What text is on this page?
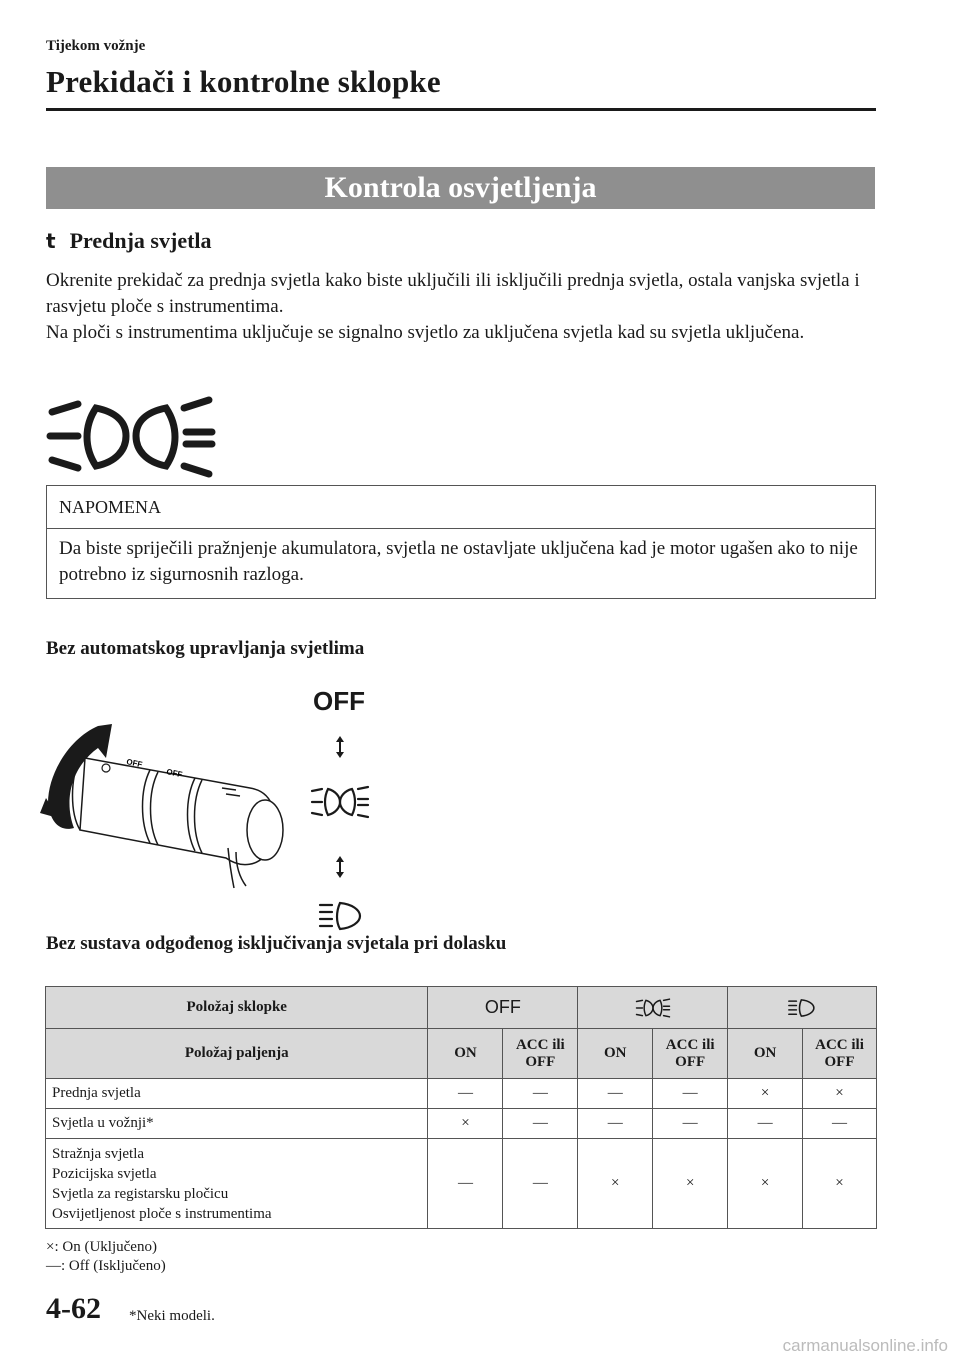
Tijekom vožnje
Prekidači i kontrolne sklopke
Kontrola osvjetljenja
t Prednja svjetla

Okrenite prekidač za prednja svjetla kako biste uključili ili isključili prednja svjetla, ostala vanjska svjetla i rasvjetu ploče s instrumentima.

Na ploči s instrumentima uključuje se signalno svjetlo za uključena svjetla kad su svjetla uključena.

NAPOMENA
Da biste spriječili pražnjenje akumulatora, svjetla ne ostavljate uključena kad je motor ugašen ako to nije potrebno iz sigurnosnih razloga.
Bez automatskog upravljanja svjetlima
OFF
OFF
OFF
Bez sustava odgođenog isključivanja svjetala pri dolasku
Položaj sklopke	OFF		
Položaj paljenja	ON	ACC ili OFF	ON	ACC ili OFF	ON	ACC ili OFF
Prednja svjetla	—	—	—	—	×	×
Svjetla u vožnji*	×	—	—	—	—	—

Stražnja svjetla
Pozicijska svjetla
Svjetla za registarsku pločicu
Osvijetljenost ploče s instrumentima	—	—	×	×	×	×
×: On (Uključeno)
—: Off (Isključeno)
4-62 *Neki modeli.
carmanualsonline.info
